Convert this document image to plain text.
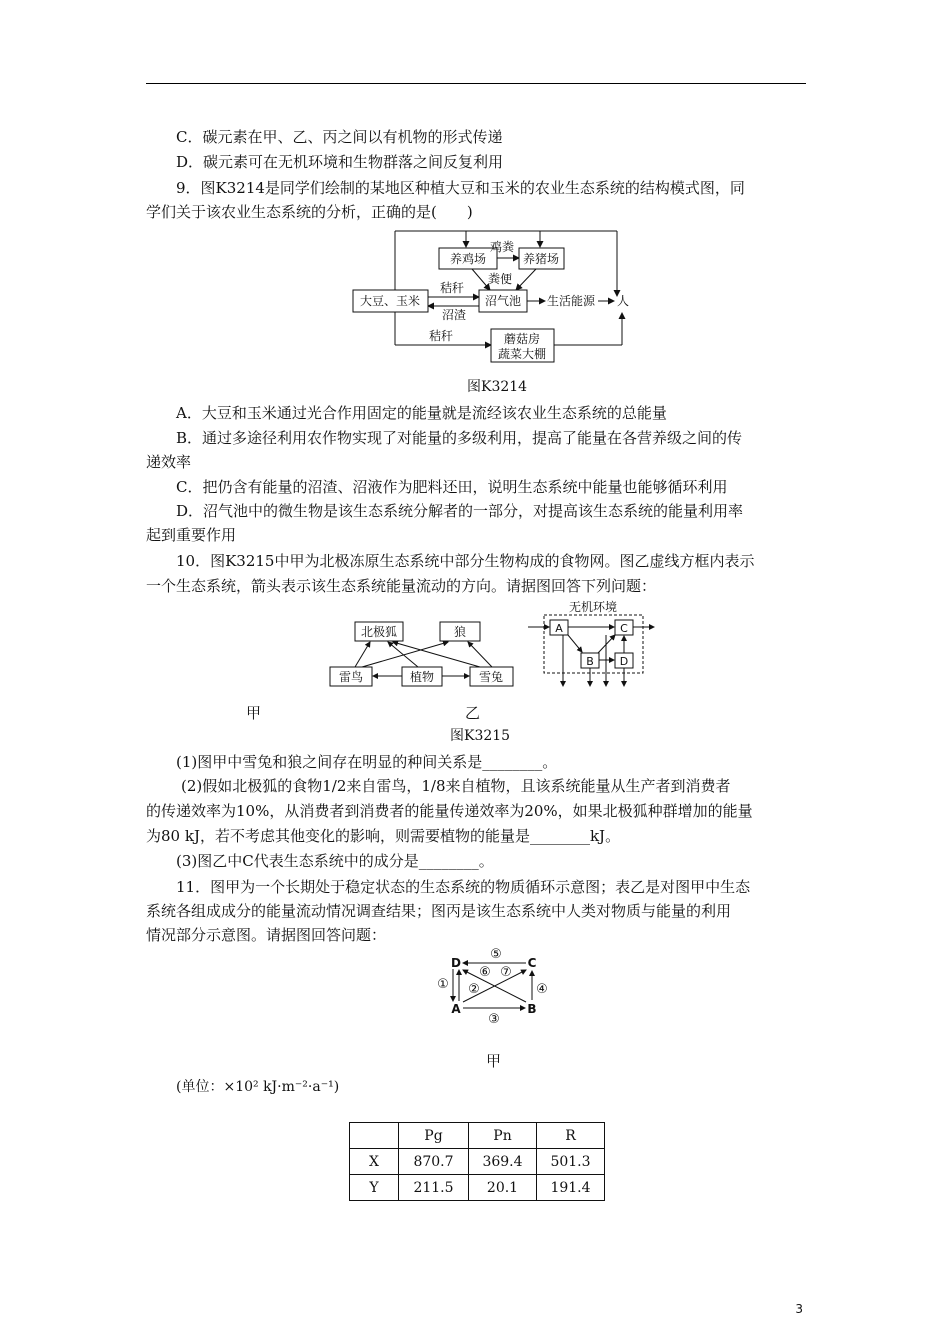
C．碳元素在甲、乙、丙之间以有机物的形式传递
D．碳元素可在无机环境和生物群落之间反复利用
9．图K3214是同学们绘制的某地区种植大豆和玉米的农业生态系统的结构模式图，同
学们关于该农业生态系统的分析，正确的是(　　)
养鸡场	养猪场
大豆、玉米	沼气池
蘑菇房
蔬菜大棚
鸡粪
粪便
秸秆
沼渣
生活能源 人
秸秆
图K3214
A．大豆和玉米通过光合作用固定的能量就是流经该农业生态系统的总能量
B．通过多途径利用农作物实现了对能量的多级利用，提高了能量在各营养级之间的传
递效率
C．把仍含有能量的沼渣、沼液作为肥料还田，说明生态系统中能量也能够循环利用
D．沼气池中的微生物是该生态系统分解者的一部分，对提高该生态系统的能量利用率
起到重要作用
10．图K3215中甲为北极冻原生态系统中部分生物构成的食物网。图乙虚线方框内表示
一个生态系统，箭头表示该生态系统能量流动的方向。请据图回答下列问题：
北极狐	狼
雷鸟	植物	雪兔
无机环境
A	C
B D
甲	乙
图K3215
(1)图甲中雪兔和狼之间存在明显的种间关系是________。
(2)假如北极狐的食物1/2来自雷鸟，1/8来自植物，且该系统能量从生产者到消费者
的传递效率为10%，从消费者到消费者的能量传递效率为20%，如果北极狐种群增加的能量
为80 kJ，若不考虑其他变化的影响，则需要植物的能量是________kJ。
(3)图乙中C代表生态系统中的成分是________。
11．图甲为一个长期处于稳定状态的生态系统的物质循环示意图；表乙是对图甲中生态
系统各组成成分的能量流动情况调查结果；图丙是该生态系统中人类对物质与能量的利用
情况部分示意图。请据图回答问题：
D	C
A	B
⑤
⑥ ⑦
① ②	④
③
甲
(单位：×10² kJ·m⁻²·a⁻¹)
	Pg	Pn	R
X	870.7	369.4	501.3
Y	211.5	20.1	191.4
3
